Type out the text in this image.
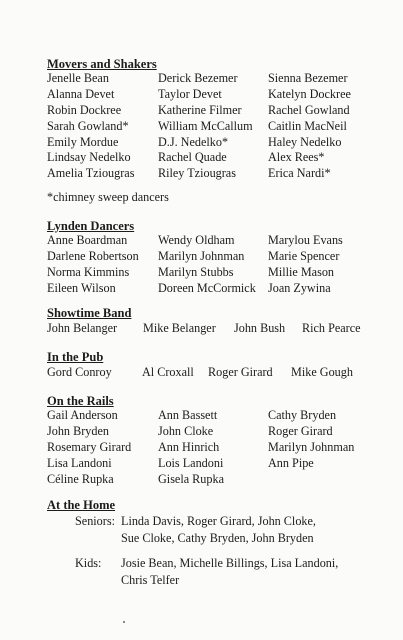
Movers and Shakers
Jenelle Bean
Alanna Devet
Robin Dockree
Sarah Gowland*
Emily Mordue
Lindsay Nedelko
Amelia Tziougras
Derick Bezemer
Taylor Devet
Katherine Filmer
William McCallum
D.J. Nedelko*
Rachel Quade
Riley Tziougras
Sienna Bezemer
Katelyn Dockree
Rachel Gowland
Caitlin MacNeil
Haley Nedelko
Alex Rees*
Erica Nardi*
*chimney sweep dancers
Lynden Dancers
Anne Boardman
Darlene Robertson
Norma Kimmins
Eileen Wilson
Wendy Oldham
Marilyn Johnman
Marilyn Stubbs
Doreen McCormick
Marylou Evans
Marie Spencer
Millie Mason
Joan Zywina
Showtime Band
John Belanger Mike Belanger John Bush Rich Pearce
In the Pub
Gord Conroy Al Croxall Roger Girard Mike Gough
On the Rails
Gail Anderson
John Bryden
Rosemary Girard
Lisa Landoni
Céline Rupka
Ann Bassett
John Cloke
Ann Hinrich
Lois Landoni
Gisela Rupka
Cathy Bryden
Roger Girard
Marilyn Johnman
Ann Pipe
At the Home
Seniors: Linda Davis, Roger Girard, John Cloke,
Sue Cloke, Cathy Bryden, John Bryden
Kids: Josie Bean, Michelle Billings, Lisa Landoni,
Chris Telfer
